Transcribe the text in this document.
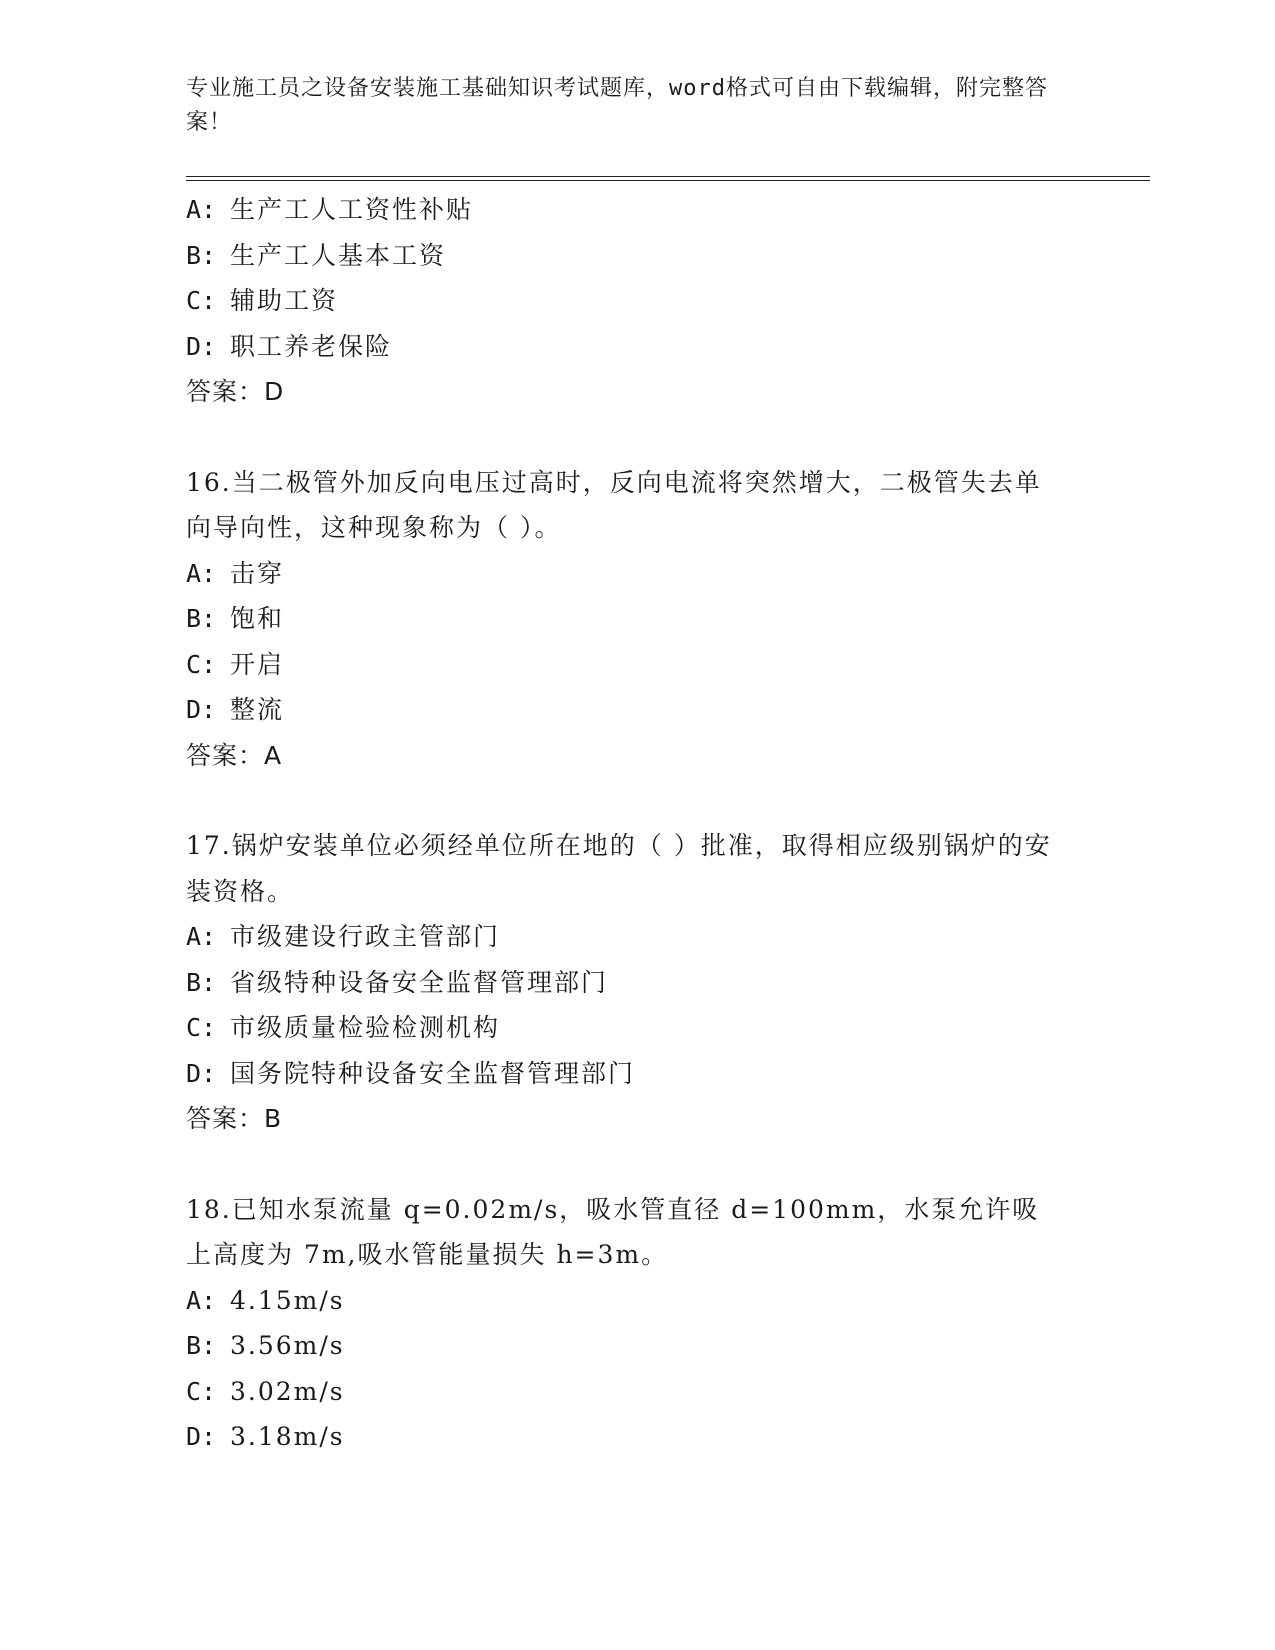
专业施工员之设备安装施工基础知识考试题库，word格式可自由下载编辑，附完整答案！
A: 生产工人工资性补贴
B: 生产工人基本工资
C: 辅助工资
D: 职工养老保险
答案：D
16.当二极管外加反向电压过高时，反向电流将突然增大，二极管失去单向导向性，这种现象称为（ ）。
A: 击穿
B: 饱和
C: 开启
D: 整流
答案：A
17.锅炉安装单位必须经单位所在地的（ ）批准，取得相应级别锅炉的安装资格。
A: 市级建设行政主管部门
B: 省级特种设备安全监督管理部门
C: 市级质量检验检测机构
D: 国务院特种设备安全监督管理部门
答案：B
18.已知水泵流量 q=0.02m/s，吸水管直径 d=100mm，水泵允许吸上高度为 7m,吸水管能量损失 h=3m。
A: 4.15m/s
B: 3.56m/s
C: 3.02m/s
D: 3.18m/s
